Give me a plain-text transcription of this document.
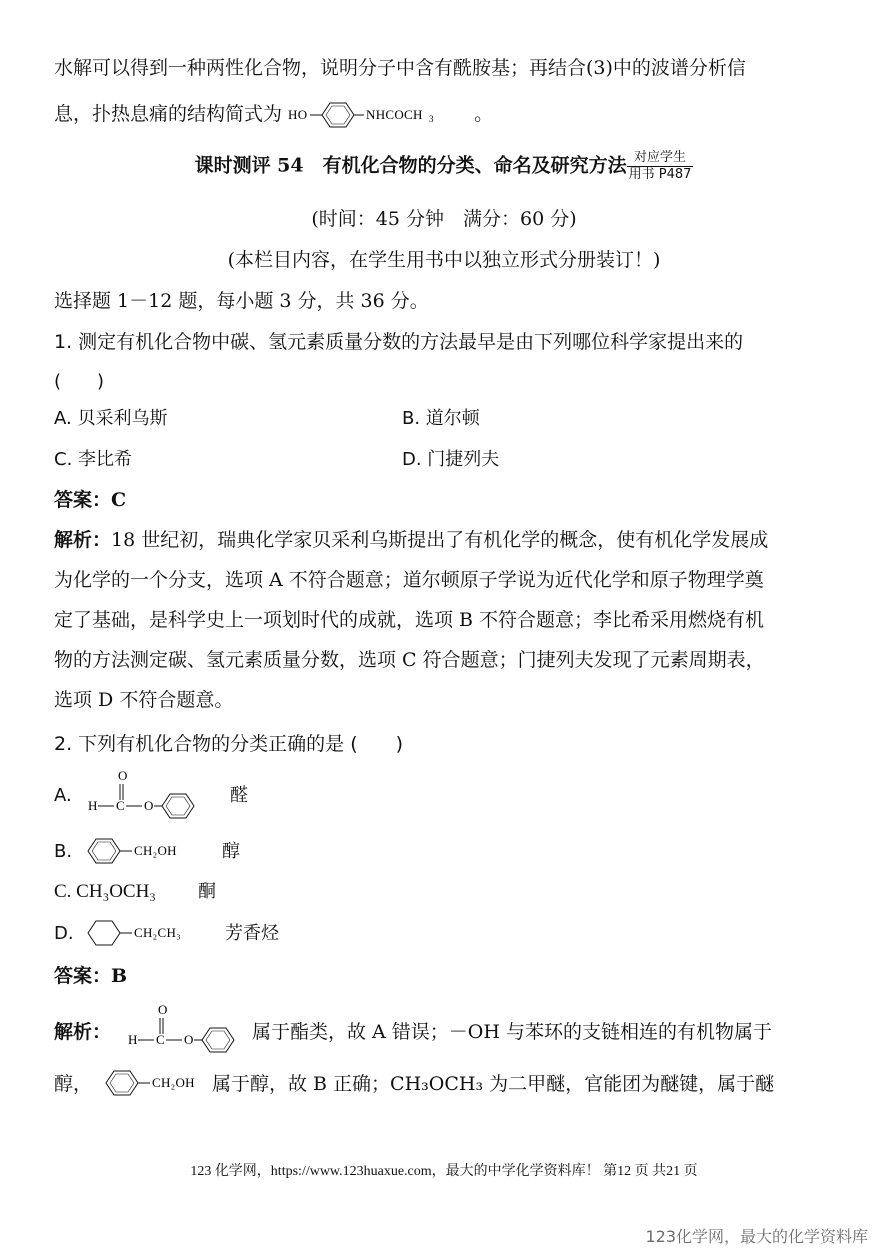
水解可以得到一种两性化合物，说明分子中含有酰胺基；再结合(3)中的波谱分析信
息，扑热息痛的结构简式为 HO	NHCOCH 3 。
课时测评 54　有机化合物的分类、命名及研究方法 对应学生
用书 P487
(时间：45 分钟　满分：60 分)
(本栏目内容，在学生用书中以独立形式分册装订！)
选择题 1－12 题，每小题 3 分，共 36 分。
1. 测定有机化合物中碳、氢元素质量分数的方法最早是由下列哪位科学家提出来的
(　　)
A. 贝采利乌斯	B. 道尔顿
C. 李比希	D. 门捷列夫
答案：C
解析：18 世纪初，瑞典化学家贝采利乌斯提出了有机化学的概念，使有机化学发展成
为化学的一个分支，选项 A 不符合题意；道尔顿原子学说为近代化学和原子物理学奠
定了基础，是科学史上一项划时代的成就，选项 B 不符合题意；李比希采用燃烧有机
物的方法测定碳、氢元素质量分数，选项 C 符合题意；门捷列夫发现了元素周期表，
选项 D 不符合题意。
2. 下列有机化合物的分类正确的是 (　　)
A.
O
H C O	醛
B.	CH₂OH	醇
C. CH₃OCH₃	酮
D.	CH₂CH₃ 芳香烃
答案：B
解析：
O
H C O	属于酯类，故 A 错误；－OH 与苯环的支链相连的有机物属于
醇，	CH₂OH 属于醇，故 B 正确；CH₃OCH₃ 为二甲醚，官能团为醚键，属于醚
123 化学网，https://www.123huaxue.com，最大的中学化学资料库！ 第12 页 共21 页
123化学网，最大的化学资料库
